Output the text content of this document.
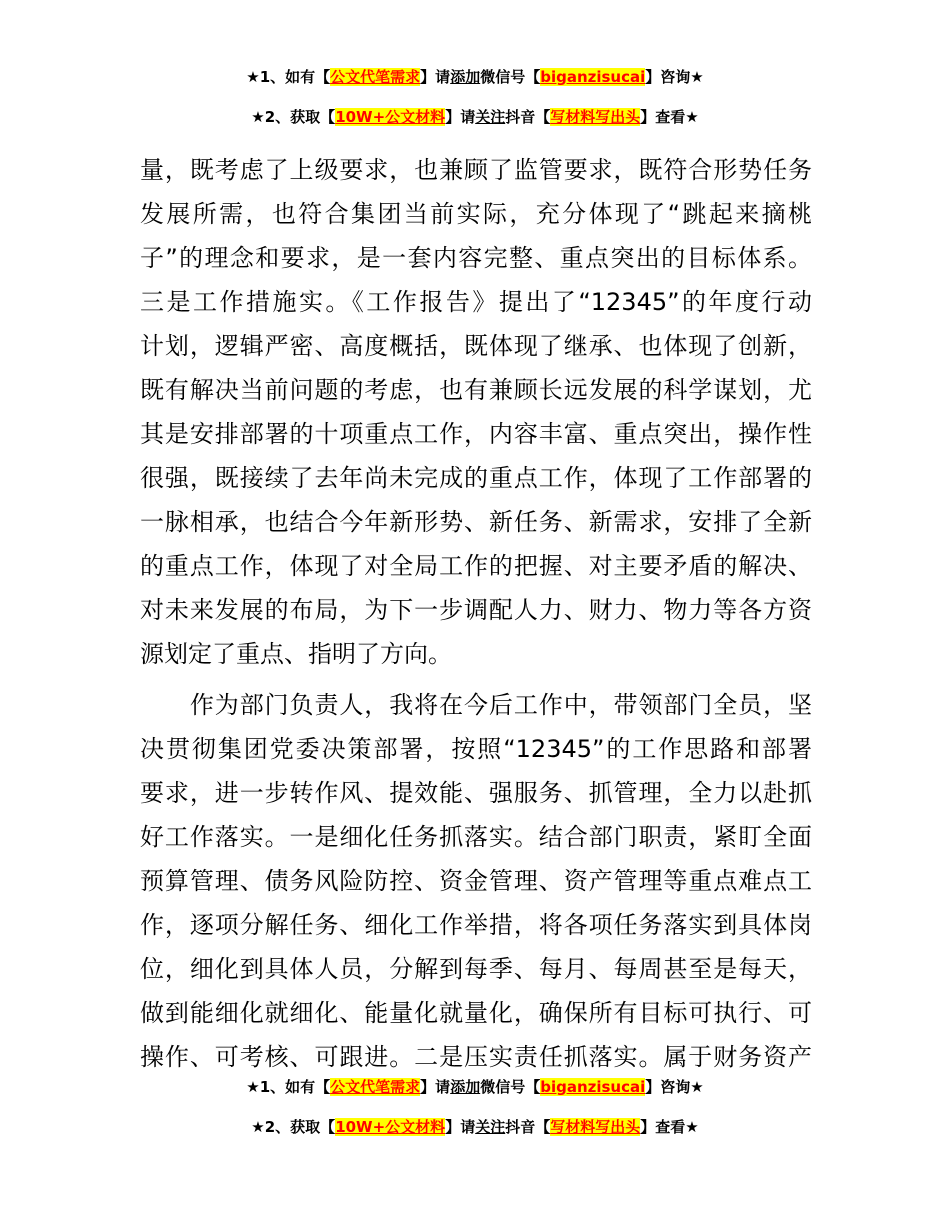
★1、如有【公文代笔需求】请添加微信号【biganzisucai】咨询★
★2、获取【10W+公文材料】请关注抖音【写材料写出头】查看★
量，既考虑了上级要求，也兼顾了监管要求，既符合形势任务
发展所需，也符合集团当前实际，充分体现了“跳起来摘桃
子”的理念和要求，是一套内容完整、重点突出的目标体系。
三是工作措施实。《工作报告》提出了“12345”的年度行动
计划，逻辑严密、高度概括，既体现了继承、也体现了创新，
既有解决当前问题的考虑，也有兼顾长远发展的科学谋划，尤
其是安排部署的十项重点工作，内容丰富、重点突出，操作性
很强，既接续了去年尚未完成的重点工作，体现了工作部署的
一脉相承，也结合今年新形势、新任务、新需求，安排了全新
的重点工作，体现了对全局工作的把握、对主要矛盾的解决、
对未来发展的布局，为下一步调配人力、财力、物力等各方资
源划定了重点、指明了方向。
　　作为部门负责人，我将在今后工作中，带领部门全员，坚
决贯彻集团党委决策部署，按照“12345”的工作思路和部署
要求，进一步转作风、提效能、强服务、抓管理，全力以赴抓
好工作落实。一是细化任务抓落实。结合部门职责，紧盯全面
预算管理、债务风险防控、资金管理、资产管理等重点难点工
作，逐项分解任务、细化工作举措，将各项任务落实到具体岗
位，细化到具体人员，分解到每季、每月、每周甚至是每天，
做到能细化就细化、能量化就量化，确保所有目标可执行、可
操作、可考核、可跟进。二是压实责任抓落实。属于财务资产
★1、如有【公文代笔需求】请添加微信号【biganzisucai】咨询★
★2、获取【10W+公文材料】请关注抖音【写材料写出头】查看★
